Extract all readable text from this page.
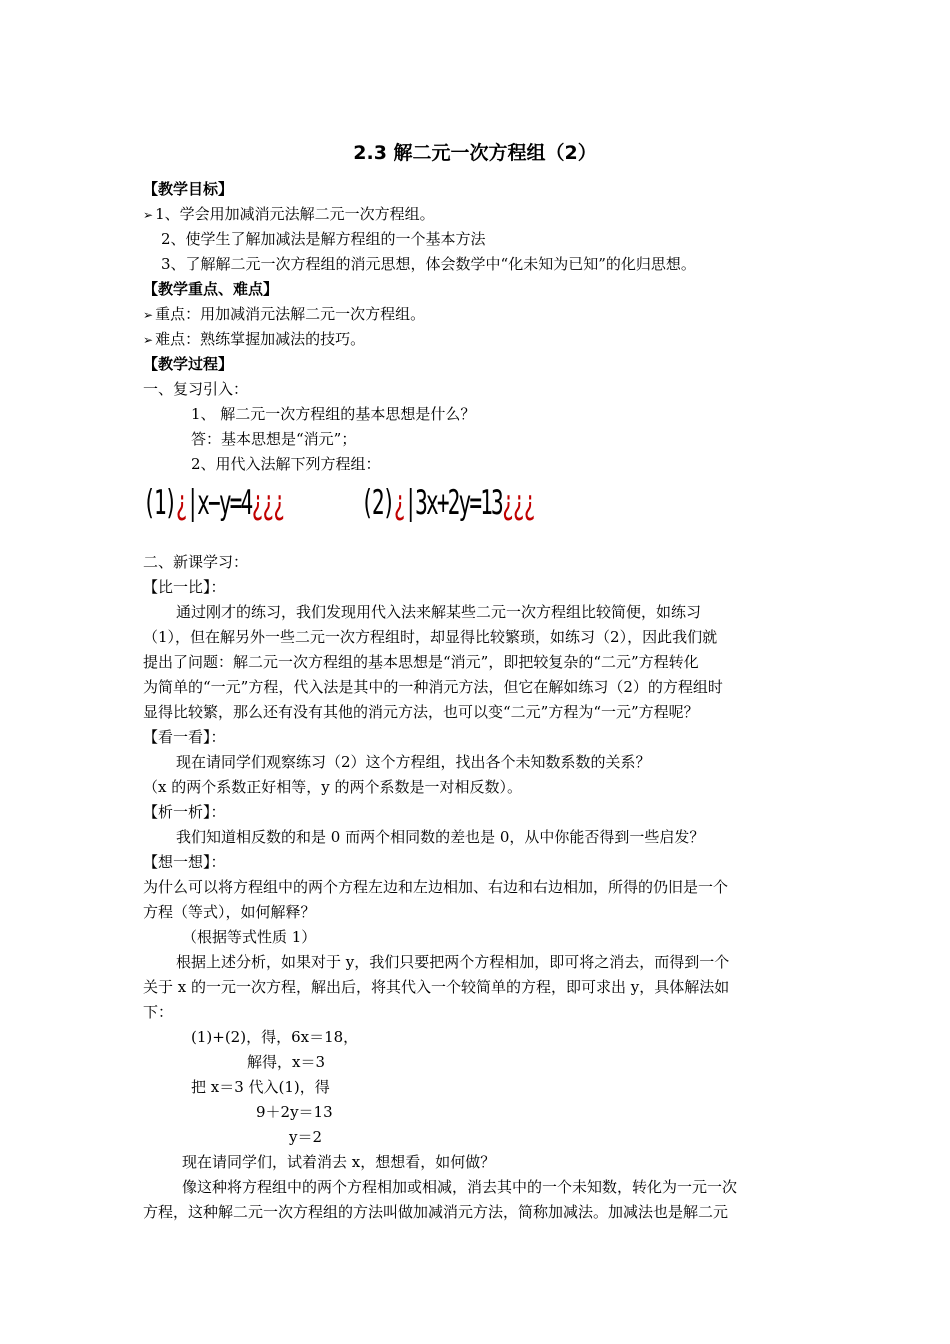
2.3 解二元一次方程组（2）
【教学目标】
➢ 1、学会用加减消元法解二元一次方程组。
2、使学生了解加减法是解方程组的一个基本方法
3、了解解二元一次方程组的消元思想，体会数学中“化未知为已知”的化归思想。
【教学重点、难点】
➢ 重点：用加减消元法解二元一次方程组。
➢ 难点：熟练掌握加减法的技巧。
【教学过程】
一、复习引入：
1、 解二元一次方程组的基本思想是什么？
答：基本思想是“消元”；
2、用代入法解下列方程组：
(1)¿|x−y=4¿¿¿ (2)¿|3x+2y=13¿¿¿
二、新课学习：
【比一比】：
通过刚才的练习，我们发现用代入法来解某些二元一次方程组比较简便，如练习
（1），但在解另外一些二元一次方程组时，却显得比较繁琐，如练习（2），因此我们就
提出了问题：解二元一次方程组的基本思想是“消元”，即把较复杂的“二元”方程转化
为简单的“一元”方程，代入法是其中的一种消元方法，但它在解如练习（2）的方程组时
显得比较繁，那么还有没有其他的消元方法，也可以变“二元”方程为“一元”方程呢？
【看一看】：
现在请同学们观察练习（2）这个方程组，找出各个未知数系数的关系？
（x 的两个系数正好相等，y 的两个系数是一对相反数）。
【析一析】：
我们知道相反数的和是 0 而两个相同数的差也是 0，从中你能否得到一些启发？
【想一想】：
为什么可以将方程组中的两个方程左边和左边相加、右边和右边相加，所得的仍旧是一个
方程（等式），如何解释？
（根据等式性质 1）
根据上述分析，如果对于 y，我们只要把两个方程相加，即可将之消去，而得到一个
关于 x 的一元一次方程，解出后，将其代入一个较简单的方程，即可求出 y，具体解法如
下：
(1)+(2)，得，6x＝18，
解得，x＝3
把 x＝3 代入(1)，得
9＋2y＝13
y＝2
现在请同学们，试着消去 x，想想看，如何做？
像这种将方程组中的两个方程相加或相减，消去其中的一个未知数，转化为一元一次
方程，这种解二元一次方程组的方法叫做加减消元方法，简称加减法。加减法也是解二元
